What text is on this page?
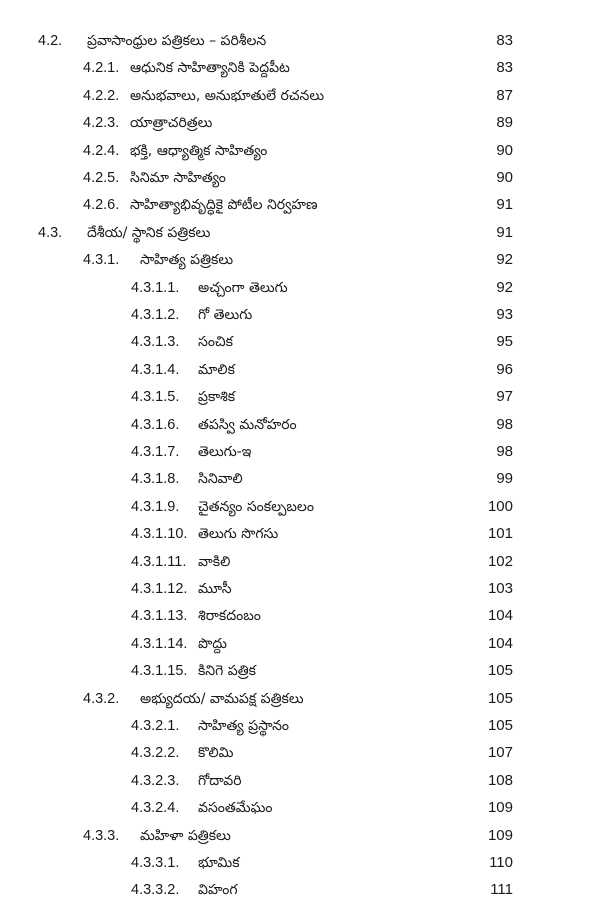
4.2. ప్రవాసాంధ్రుల పత్రికలు – పరిశీలన	83
4.2.1. ఆధునిక సాహిత్యానికి పెద్దపీట	83
4.2.2. అనుభవాలు, అనుభూతులే రచనలు	87
4.2.3. యాత్రాచరిత్రలు	89
4.2.4. భక్తి, ఆధ్యాత్మిక సాహిత్యం	90
4.2.5. సినిమా సాహిత్యం	90
4.2.6. సాహిత్యాభివృద్ధికై పోటీల నిర్వహణ	91
4.3. దేశీయ/ స్థానిక పత్రికలు	91
4.3.1. సాహిత్య పత్రికలు	92
4.3.1.1. అచ్చంగా తెలుగు	92
4.3.1.2. గో తెలుగు	93
4.3.1.3. సంచిక	95
4.3.1.4. మాలిక	96
4.3.1.5. ప్రకాశిక	97
4.3.1.6. తపస్వి మనోహరం	98
4.3.1.7. తెలుగు-ఇ	98
4.3.1.8. సినివాలి	99
4.3.1.9. చైతన్యం సంకల్పబలం	100
4.3.1.10. తెలుగు సొగసు	101
4.3.1.11. వాకిలి	102
4.3.1.12. మూసీ	103
4.3.1.13. శిరాకదంబం	104
4.3.1.14. పొద్దు	104
4.3.1.15. కినిగె పత్రిక	105
4.3.2. అభ్యుదయ/ వామపక్ష పత్రికలు	105
4.3.2.1. సాహిత్య ప్రస్థానం	105
4.3.2.2. కొలిమి	107
4.3.2.3. గోదావరి	108
4.3.2.4. వసంతమేఘం	109
4.3.3. మహిళా పత్రికలు	109
4.3.3.1. భూమిక	110
4.3.3.2. విహంగ	111
